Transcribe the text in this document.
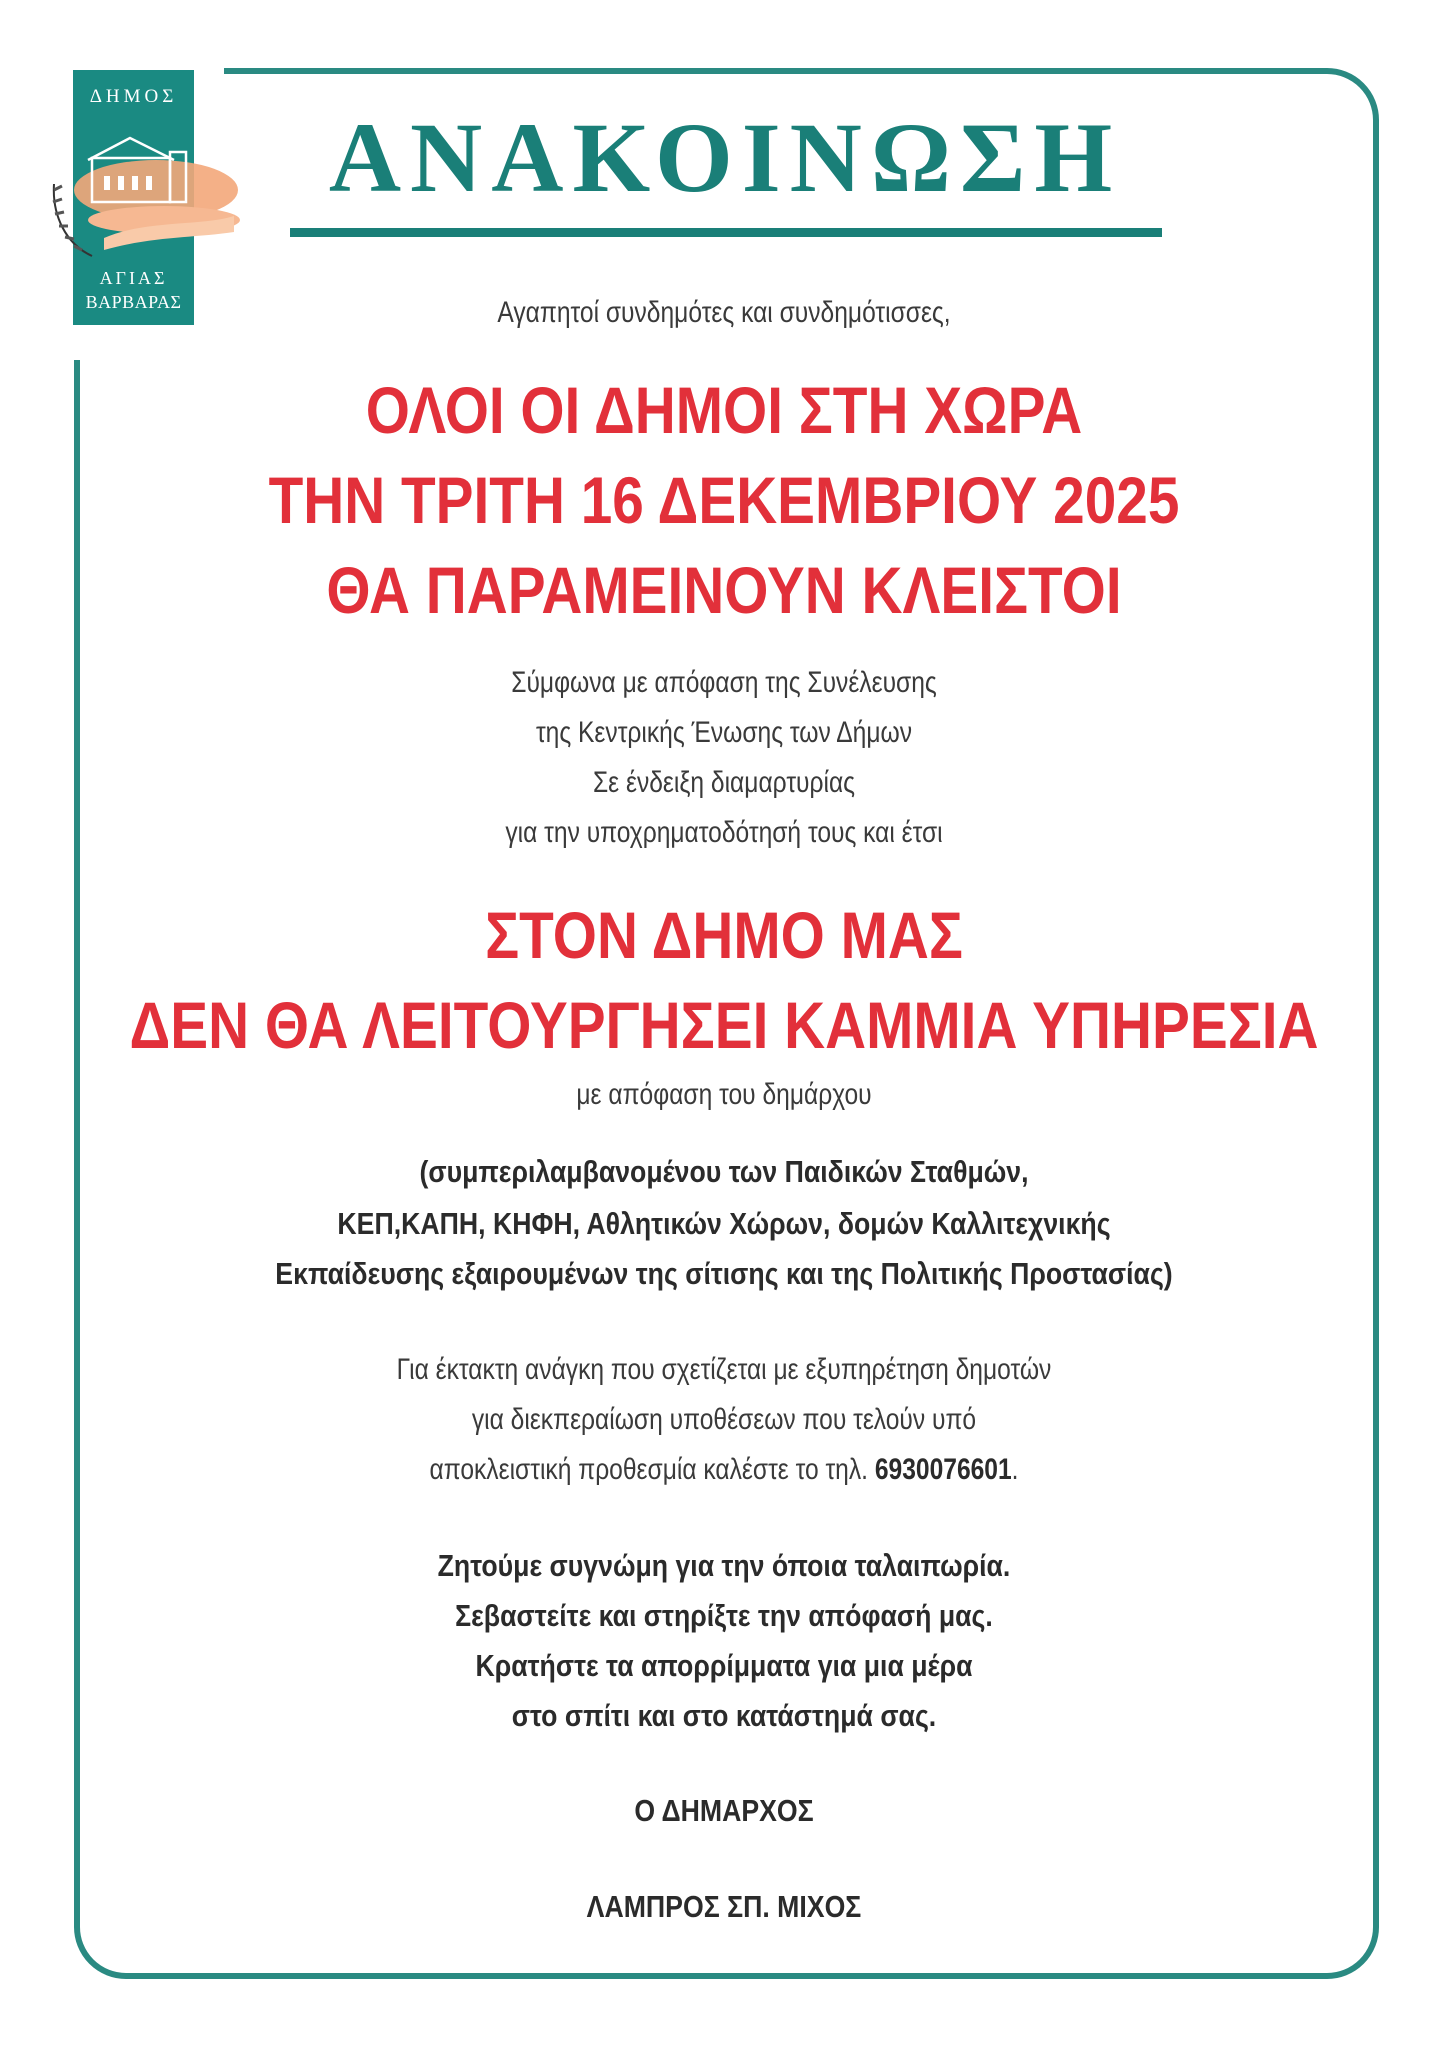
ΔΗΜΟΣ
ΑΓΙΑΣ
ΒΑΡΒΑΡΑΣ
ΑΝΑΚΟΙΝΩΣΗ
Αγαπητοί συνδημότες και συνδημότισσες,
ΟΛΟΙ ΟΙ ΔΗΜΟΙ ΣΤΗ ΧΩΡΑ
ΤΗΝ ΤΡΙΤΗ 16 ΔΕΚΕΜΒΡΙΟΥ 2025
ΘΑ ΠΑΡΑΜΕΙΝΟΥΝ ΚΛΕΙΣΤΟΙ
Σύμφωνα με απόφαση της Συνέλευσης
της Κεντρικής Ένωσης των Δήμων
Σε ένδειξη διαμαρτυρίας
για την υποχρηματοδότησή τους και έτσι
ΣΤΟΝ ΔΗΜΟ ΜΑΣ
ΔΕΝ ΘΑ ΛΕΙΤΟΥΡΓΗΣΕΙ ΚΑΜΜΙΑ ΥΠΗΡΕΣΙΑ
με απόφαση του δημάρχου
(συμπεριλαμβανομένου των Παιδικών Σταθμών,
ΚΕΠ,ΚΑΠΗ, ΚΗΦΗ, Αθλητικών Χώρων, δομών Καλλιτεχνικής
Εκπαίδευσης εξαιρουμένων της σίτισης και της Πολιτικής Προστασίας)
Για έκτακτη ανάγκη που σχετίζεται με εξυπηρέτηση δημοτών
για διεκπεραίωση υποθέσεων που τελούν υπό
αποκλειστική προθεσμία καλέστε το τηλ. 6930076601.
Ζητούμε συγνώμη για την όποια ταλαιπωρία.
Σεβαστείτε και στηρίξτε την απόφασή μας.
Κρατήστε τα απορρίμματα για μια μέρα
στο σπίτι και στο κατάστημά σας.
Ο ΔΗΜΑΡΧΟΣ
ΛΑΜΠΡΟΣ ΣΠ. ΜΙΧΟΣ
